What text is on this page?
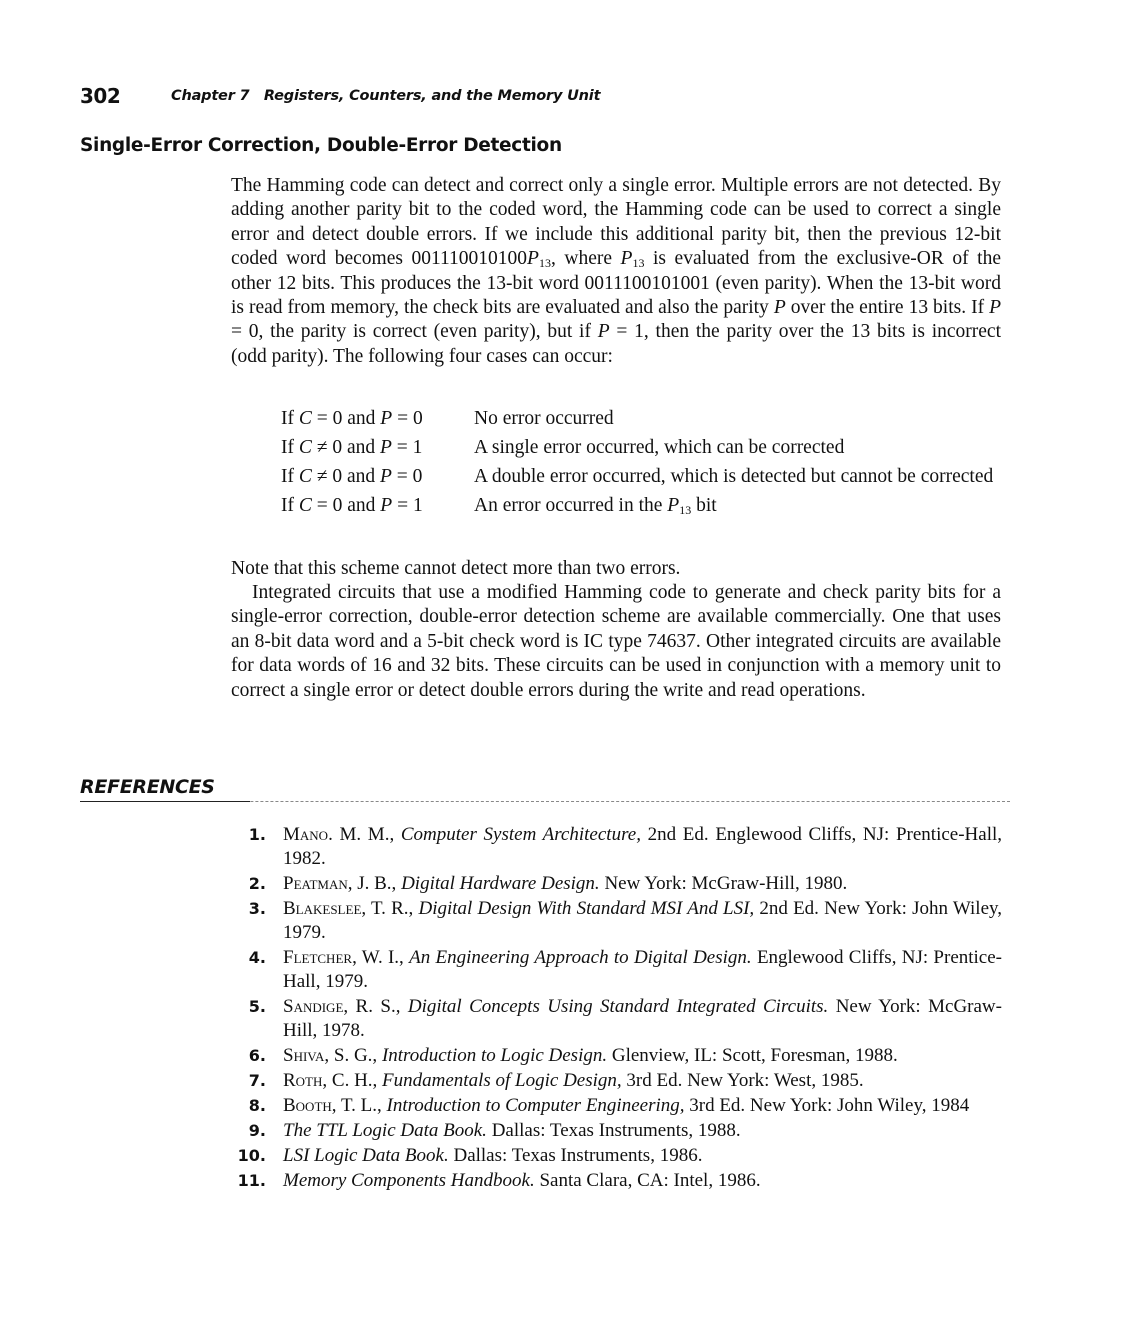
302	Chapter 7   Registers, Counters, and the Memory Unit
Single-Error Correction, Double-Error Detection
The Hamming code can detect and correct only a single error. Multiple errors are not detected. By adding another parity bit to the coded word, the Hamming code can be used to correct a single error and detect double errors. If we include this additional parity bit, then the previous 12-bit coded word becomes $001110010100P_{13}$, where $P_{13}$ is evaluated from the exclusive-OR of the other 12 bits. This produces the 13-bit word 0011100101001 (even parity). When the 13-bit word is read from memory, the check bits are evaluated and also the parity P over the entire 13 bits. If P = 0, the parity is correct (even parity), but if P = 1, then the parity over the 13 bits is incorrect (odd parity). The following four cases can occur:
If C = 0 and P = 0	No error occurred
If C ≠ 0 and P = 1	A single error occurred, which can be corrected
If C ≠ 0 and P = 0	A double error occurred, which is detected but cannot be corrected
If C = 0 and P = 1	An error occurred in the $P_{13}$ bit
Note that this scheme cannot detect more than two errors.
Integrated circuits that use a modified Hamming code to generate and check parity bits for a single-error correction, double-error detection scheme are available commercially. One that uses an 8-bit data word and a 5-bit check word is IC type 74637. Other integrated circuits are available for data words of 16 and 32 bits. These circuits can be used in conjunction with a memory unit to correct a single error or detect double errors during the write and read operations.
REFERENCES
1. Mano. M. M., Computer System Architecture, 2nd Ed. Englewood Cliffs, NJ: Prentice-Hall, 1982.
2. Peatman, J. B., Digital Hardware Design. New York: McGraw-Hill, 1980.
3. Blakeslee, T. R., Digital Design With Standard MSI And LSI, 2nd Ed. New York: John Wiley, 1979.
4. Fletcher, W. I., An Engineering Approach to Digital Design. Englewood Cliffs, NJ: Prentice-Hall, 1979.
5. Sandige, R. S., Digital Concepts Using Standard Integrated Circuits. New York: McGraw-Hill, 1978.
6. Shiva, S. G., Introduction to Logic Design. Glenview, IL: Scott, Foresman, 1988.
7. Roth, C. H., Fundamentals of Logic Design, 3rd Ed. New York: West, 1985.
8. Booth, T. L., Introduction to Computer Engineering, 3rd Ed. New York: John Wiley, 1984
9. The TTL Logic Data Book. Dallas: Texas Instruments, 1988.
10. LSI Logic Data Book. Dallas: Texas Instruments, 1986.
11. Memory Components Handbook. Santa Clara, CA: Intel, 1986.
